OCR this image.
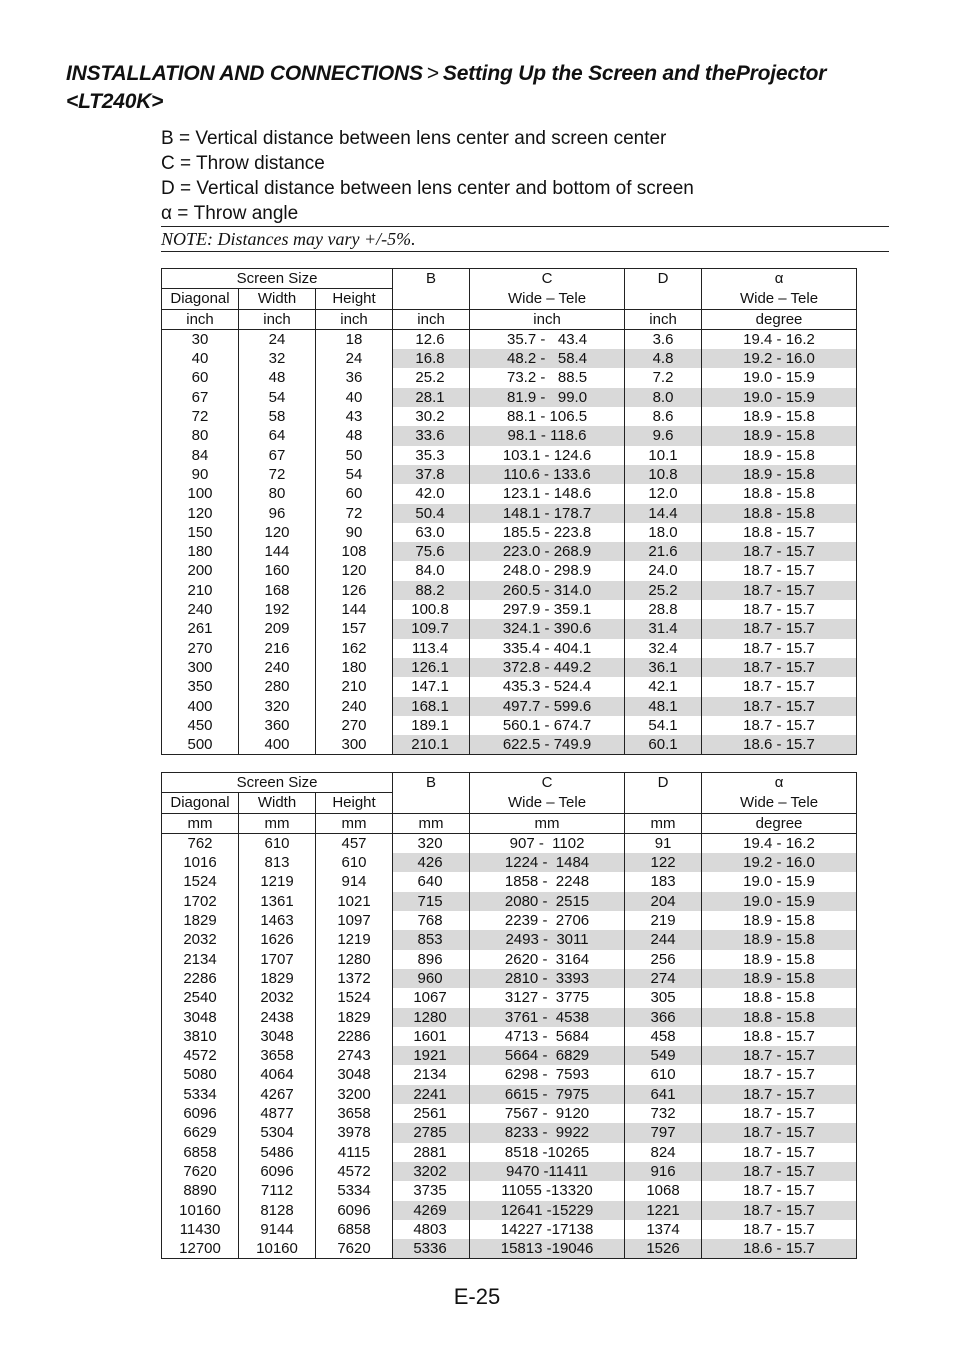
INSTALLATION AND CONNECTIONS > Setting Up the Screen and theProjector
<LT240K>
B = Vertical distance between lens center and screen center
C = Throw distance
D = Vertical distance between lens center and bottom of screen
α = Throw angle
NOTE: Distances may vary +/-5%.
Screen Size			B	C	D	α
Diagonal	Width	Height		Wide – Tele		Wide – Tele
inch	inch	inch	inch	inch	inch	degree
30	24	18	12.6	35.7 -   43.4	3.6	19.4 - 16.2
40	32	24	16.8	48.2 -   58.4	4.8	19.2 - 16.0
60	48	36	25.2	73.2 -   88.5	7.2	19.0 - 15.9
67	54	40	28.1	81.9 -   99.0	8.0	19.0 - 15.9
72	58	43	30.2	88.1 - 106.5	8.6	18.9 - 15.8
80	64	48	33.6	98.1 - 118.6	9.6	18.9 - 15.8
84	67	50	35.3	103.1 - 124.6	10.1	18.9 - 15.8
90	72	54	37.8	110.6 - 133.6	10.8	18.9 - 15.8
100	80	60	42.0	123.1 - 148.6	12.0	18.8 - 15.8
120	96	72	50.4	148.1 - 178.7	14.4	18.8 - 15.8
150	120	90	63.0	185.5 - 223.8	18.0	18.8 - 15.7
180	144	108	75.6	223.0 - 268.9	21.6	18.7 - 15.7
200	160	120	84.0	248.0 - 298.9	24.0	18.7 - 15.7
210	168	126	88.2	260.5 - 314.0	25.2	18.7 - 15.7
240	192	144	100.8	297.9 - 359.1	28.8	18.7 - 15.7
261	209	157	109.7	324.1 - 390.6	31.4	18.7 - 15.7
270	216	162	113.4	335.4 - 404.1	32.4	18.7 - 15.7
300	240	180	126.1	372.8 - 449.2	36.1	18.7 - 15.7
350	280	210	147.1	435.3 - 524.4	42.1	18.7 - 15.7
400	320	240	168.1	497.7 - 599.6	48.1	18.7 - 15.7
450	360	270	189.1	560.1 - 674.7	54.1	18.7 - 15.7
500	400	300	210.1	622.5 - 749.9	60.1	18.6 - 15.7
Screen Size			B	C	D	α
Diagonal	Width	Height		Wide – Tele		Wide – Tele
mm	mm	mm	mm	mm	mm	degree
762	610	457	320	907 -  1102	91	19.4 - 16.2
1016	813	610	426	1224 -  1484	122	19.2 - 16.0
1524	1219	914	640	1858 -  2248	183	19.0 - 15.9
1702	1361	1021	715	2080 -  2515	204	19.0 - 15.9
1829	1463	1097	768	2239 -  2706	219	18.9 - 15.8
2032	1626	1219	853	2493 -  3011	244	18.9 - 15.8
2134	1707	1280	896	2620 -  3164	256	18.9 - 15.8
2286	1829	1372	960	2810 -  3393	274	18.9 - 15.8
2540	2032	1524	1067	3127 -  3775	305	18.8 - 15.8
3048	2438	1829	1280	3761 -  4538	366	18.8 - 15.8
3810	3048	2286	1601	4713 -  5684	458	18.8 - 15.7
4572	3658	2743	1921	5664 -  6829	549	18.7 - 15.7
5080	4064	3048	2134	6298 -  7593	610	18.7 - 15.7
5334	4267	3200	2241	6615 -  7975	641	18.7 - 15.7
6096	4877	3658	2561	7567 -  9120	732	18.7 - 15.7
6629	5304	3978	2785	8233 -  9922	797	18.7 - 15.7
6858	5486	4115	2881	8518 -10265	824	18.7 - 15.7
7620	6096	4572	3202	9470 -11411	916	18.7 - 15.7
8890	7112	5334	3735	11055 -13320	1068	18.7 - 15.7
10160	8128	6096	4269	12641 -15229	1221	18.7 - 15.7
11430	9144	6858	4803	14227 -17138	1374	18.7 - 15.7
12700	10160	7620	5336	15813 -19046	1526	18.6 - 15.7
E-25
